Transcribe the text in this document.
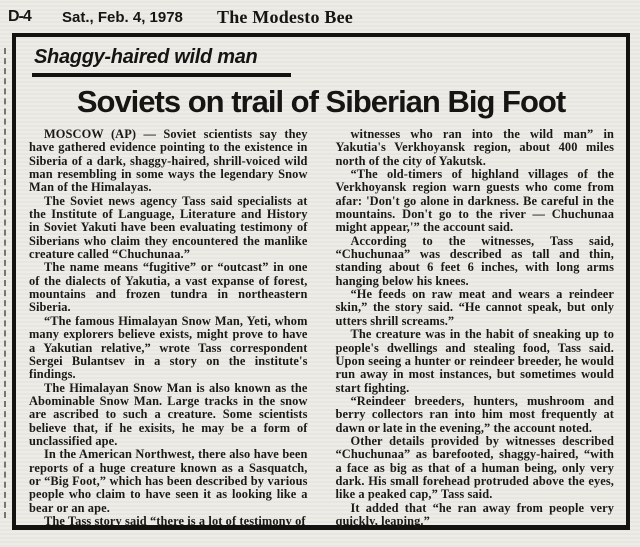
D-4 Sat., Feb. 4, 1978 The Modesto Bee
Shaggy-haired wild man
Soviets on trail of Siberian Big Foot

MOSCOW (AP) — Soviet scientists say they have gathered evidence pointing to the existence in Siberia of a dark, shaggy-haired, shrill-voiced wild man resembling in some ways the legendary Snow Man of the Himalayas.

The Soviet news agency Tass said specialists at the Institute of Language, Literature and History in Soviet Yakuti have been evaluating testimony of Siberians who claim they encountered the manlike creature called “Chuchunaa.”

The name means “fugitive” or “outcast” in one of the dialects of Yakutia, a vast expanse of forest, mountains and frozen tundra in northeastern Siberia.

“The famous Himalayan Snow Man, Yeti, whom many explorers believe exists, might prove to have a Yakutian relative,” wrote Tass correspondent Sergei Bulantsev in a story on the institute's findings.

The Himalayan Snow Man is also known as the Abominable Snow Man. Large tracks in the snow are ascribed to such a creature. Some scientists believe that, if he exisits, he may be a form of unclassified ape.

In the American Northwest, there also have been reports of a huge creature known as a Sasquatch, or “Big Foot,” which has been described by various people who claim to have seen it as looking like a bear or an ape.

The Tass story said “there is a lot of testimony of

witnesses who ran into the wild man” in Yakutia's Verkhoyansk region, about 400 miles north of the city of Yakutsk.

“The old-timers of highland villages of the Verkhoyansk region warn guests who come from afar: 'Don't go alone in darkness. Be careful in the mountains. Don't go to the river — Chuchunaa might appear,'” the account said.

According to the witnesses, Tass said, “Chuchunaa” was described as tall and thin, standing about 6 feet 6 inches, with long arms hanging below his knees.

“He feeds on raw meat and wears a reindeer skin,” the story said. “He cannot speak, but only utters shrill screams.”

The creature was in the habit of sneaking up to people's dwellings and stealing food, Tass said. Upon seeing a hunter or reindeer breeder, he would run away in most instances, but sometimes would start fighting.

“Reindeer breeders, hunters, mushroom and berry collectors ran into him most frequently at dawn or late in the evening,” the account noted.

Other details provided by witnesses described “Chuchunaa” as barefooted, shaggy-haired, “with a face as big as that of a human being, only very dark. His small forehead protruded above the eyes, like a peaked cap,” Tass said.

It added that “he ran away from people very quickly, leaping.”
